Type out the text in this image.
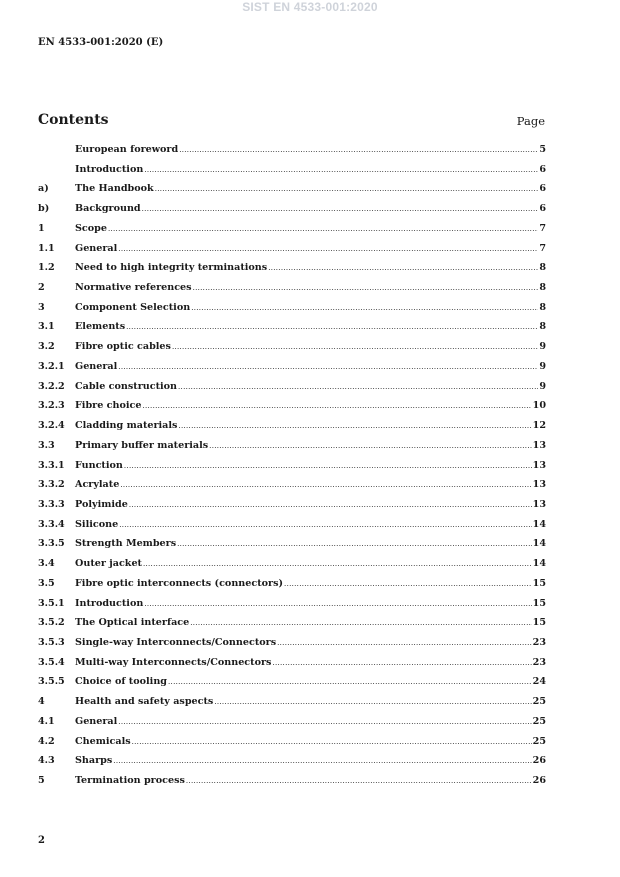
SIST EN 4533-001:2020
EN 4533-001:2020 (E)
Contents	Page
European foreword .....	5
Introduction .....	6
a)	The Handbook .....	6
b)	Background .....	6
1	Scope .....	7
1.1	General .....	7
1.2	Need to high integrity terminations .....	8
2	Normative references .....	8
3	Component Selection .....	8
3.1	Elements .....	8
3.2	Fibre optic cables .....	9
3.2.1	General .....	9
3.2.2	Cable construction .....	9
3.2.3	Fibre choice .....	10
3.2.4	Cladding materials .....	12
3.3	Primary buffer materials .....	13
3.3.1	Function .....	13
3.3.2	Acrylate .....	13
3.3.3	Polyimide .....	13
3.3.4	Silicone .....	14
3.3.5	Strength Members .....	14
3.4	Outer jacket .....	14
3.5	Fibre optic interconnects (connectors) .....	15
3.5.1	Introduction .....	15
3.5.2	The Optical interface .....	15
3.5.3	Single-way Interconnects/Connectors .....	23
3.5.4	Multi-way Interconnects/Connectors .....	23
3.5.5	Choice of tooling .....	24
4	Health and safety aspects .....	25
4.1	General .....	25
4.2	Chemicals .....	25
4.3	Sharps .....	26
5	Termination process .....	26
2
